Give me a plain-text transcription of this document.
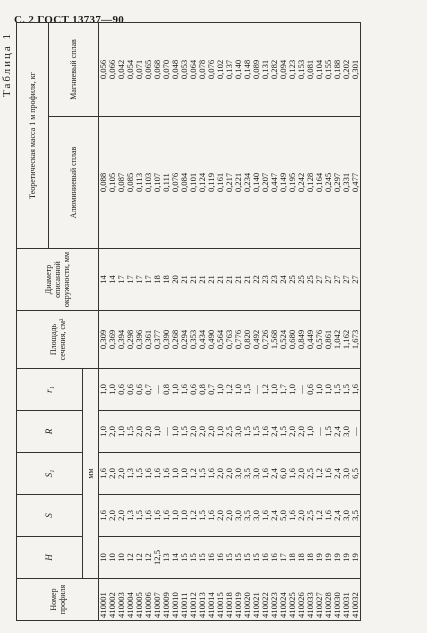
С. 2 ГОСТ 13737—90
Таблица 1
Номер профиля	H	S	S₁	R	r₁	Площадь сечения, см²	Диаметр описанной окружности, мм	Теоретическая масса 1 м профиля, кг	
								Алюминиевый сплав	Магниевый сплав
	мм								
410001	10	1,6	1,6	1,0	1,0	0,309	14	0,088	0,056
410002	10	2,0	2,0	2,0	1,0	0,369	14	0,105	0,066
410003	10	2,0	2,0	1,0	0,6	0,394	17	0,087	0,042
410004	12	1,3	1,3	1,5	0,6	0,298	17	0,085	0,054
410005	12	1,5	1,5	2,0	0,6	0,396	17	0,113	0,071
410006	12	1,6	1,6	2,0	0,7	0,361	17	0,103	0,065
410007	12,5	1,6	1,6	1,0	—	0,377	18	0,107	0,068
410009	13	1,6	1,6	—	0,8	0,390	18	0,111	0,070
410010	14	1,0	1,0	1,0	1,0	0,268	20	0,076	0,048
410011	15	1,0	1,0	1,5	1,6	0,294	21	0,084	0,053
410012	15	1,2	1,2	2,0	0,6	0,353	21	0,101	0,064
410013	15	1,5	1,5	2,0	0,8	0,434	21	0,124	0,078
410014	16	1,6	1,6	2,0	0,7	0,490	21	0,119	0,076
410015	16	2,0	2,0	1,0	1,0	0,564	21	0,161	0,102
410018	15	2,0	2,0	2,5	1,2	0,763	21	0,217	0,137
410019	15	3,0	3,0	3,0	1,0	0,776	21	0,221	0,140
410020	15	3,5	3,5	1,5	1,5	0,820	21	0,234	0,148
410021	15	3,0	3,0	1,5	—	0,492	22	0,140	0,089
410022	16	1,6	1,6	1,6	1,2	0,726	23	0,207	0,131
410023	16	2,4	2,4	2,4	1,0	1,568	23	0,447	0,282
410024	17	5,0	6,0	1,5	1,7	0,524	24	0,149	0,094
410025	18	1,6	1,6	2,0	1,0	0,680	25	0,195	0,123
410026	18	2,0	2,0	2,0	—	0,849	25	0,242	0,153
410033	18	2,5	2,5	1,0	0,6	0,449	25	0,128	0,081
410027	19	1,2	1,2	—	1,0	0,576	27	0,164	0,104
410028	19	1,6	1,6	1,5	1,0	0,861	27	0,245	0,155
410030	19	2,4	2,4	2,4	1,5	1,042	27	0,297	0,188
410031	19	3,0	3,0	3,0	1,5	1,162	27	0,331	0,202
410032	19	3,5	6,5	—	1,6	1,673	27	0,477	0,301
